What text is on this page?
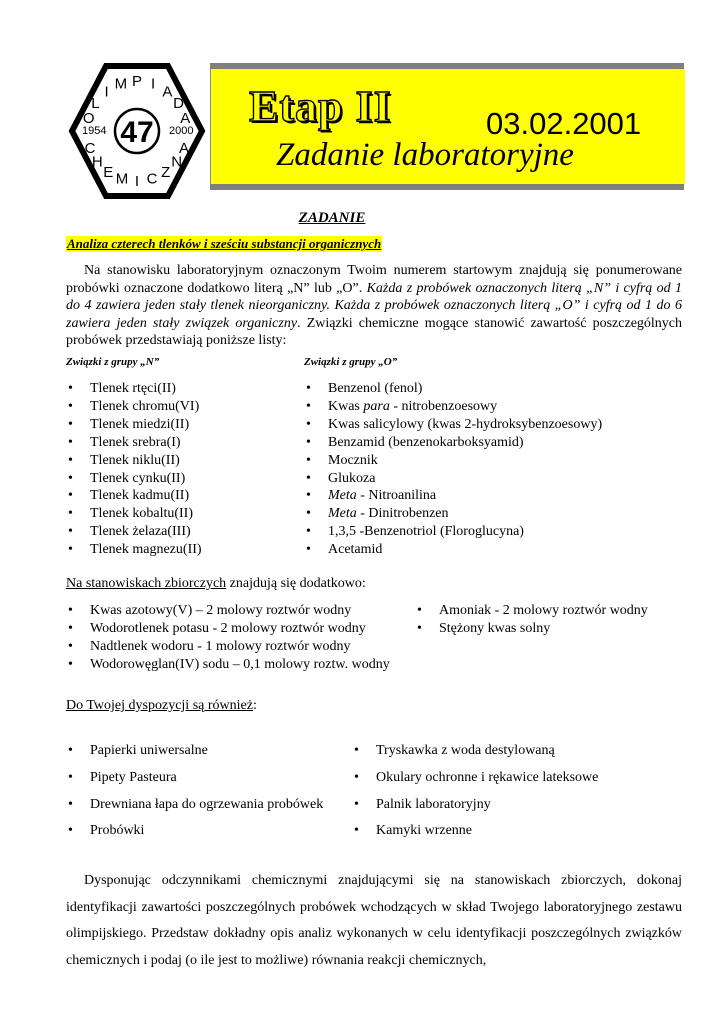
47
1954	2000
O
L
I M P I A
D
A
C
H
E M I C Z
N
A
Etap II	03.02.2001
Zadanie laboratoryjne
ZADANIE
Analiza czterech tlenków i sześciu substancji organicznych

Na stanowisku laboratoryjnym oznaczonym Twoim numerem startowym znajdują się ponumerowane probówki oznaczone dodatkowo literą „N” lub „O”. Każda z probówek oznaczonych literą „N” i cyfrą od 1 do 4 zawiera jeden stały tlenek nieorganiczny. Każda z probówek oznaczonych literą „O” i cyfrą od 1 do 6 zawiera jeden stały związek organiczny. Związki chemiczne mogące stanowić zawartość poszczególnych probówek przedstawiają poniższe listy:

Związki z grupy „N”	Związki z grupy „O”
• Tlenek rtęci(II)
• Tlenek chromu(VI)
• Tlenek miedzi(II)
• Tlenek srebra(I)
• Tlenek niklu(II)
• Tlenek cynku(II)
• Tlenek kadmu(II)
• Tlenek kobaltu(II)
• Tlenek żelaza(III)
• Tlenek magnezu(II)
• Benzenol (fenol)
• Kwas para - nitrobenzoesowy
• Kwas salicylowy (kwas 2-hydroksybenzoesowy)
• Benzamid (benzenokarboksyamid)
• Mocznik
• Glukoza
• Meta - Nitroanilina
• Meta - Dinitrobenzen
• 1,3,5 -Benzenotriol (Floroglucyna)
• Acetamid
Na stanowiskach zbiorczych znajdują się dodatkowo:
• Kwas azotowy(V) – 2 molowy roztwór wodny
• Wodorotlenek potasu - 2 molowy roztwór wodny
• Nadtlenek wodoru - 1 molowy roztwór wodny
• Wodorowęglan(IV) sodu – 0,1 molowy roztw. wodny
• Amoniak - 2 molowy roztwór wodny
• Stężony kwas solny
Do Twojej dyspozycji są również:
• Papierki uniwersalne
• Pipety Pasteura
• Drewniana łapa do ogrzewania probówek
• Probówki
• Tryskawka z woda destylowaną
• Okulary ochronne i rękawice lateksowe
• Palnik laboratoryjny
• Kamyki wrzenne

Dysponując odczynnikami chemicznymi znajdującymi się na stanowiskach zbiorczych, dokonaj identyfikacji zawartości poszczególnych probówek wchodzących w skład Twojego laboratoryjnego zestawu olimpijskiego. Przedstaw dokładny opis analiz wykonanych w celu identyfikacji poszczególnych związków chemicznych i podaj (o ile jest to możliwe) równania reakcji chemicznych,
